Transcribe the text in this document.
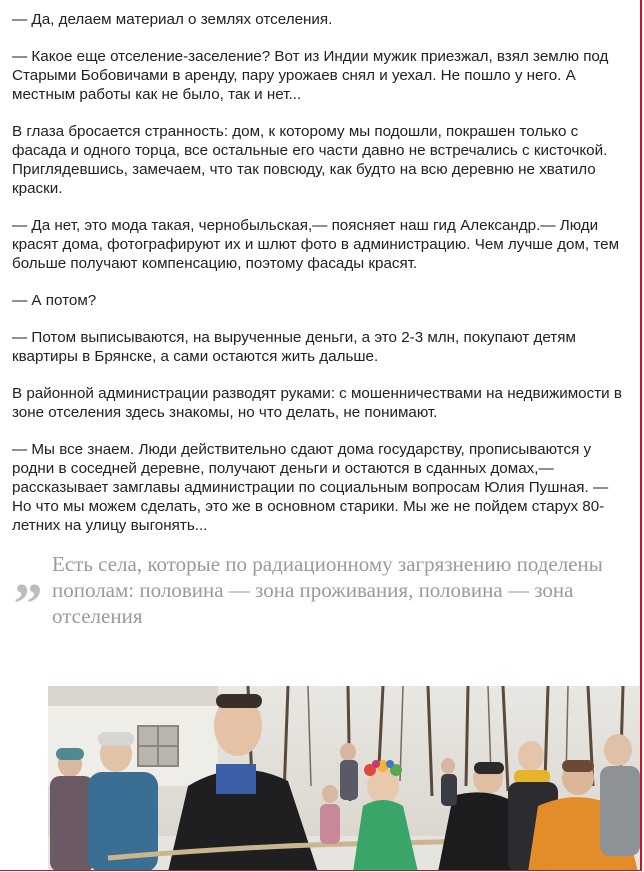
— Да, делаем материал о землях отселения.

— Какое еще отселение-заселение? Вот из Индии мужик приезжал, взял землю под Старыми Бобовичами в аренду, пару урожаев снял и уехал. Не пошло у него. А местным работы как не было, так и нет...

В глаза бросается странность: дом, к которому мы подошли, покрашен только с фасада и одного торца, все остальные его части давно не встречались с кисточкой. Приглядевшись, замечаем, что так повсюду, как будто на всю деревню не хватило краски.

— Да нет, это мода такая, чернобыльская,— поясняет наш гид Александр.— Люди красят дома, фотографируют их и шлют фото в администрацию. Чем лучше дом, тем больше получают компенсацию, поэтому фасады красят.

— А потом?

— Потом выписываются, на вырученные деньги, а это 2-3 млн, покупают детям квартиры в Брянске, а сами остаются жить дальше.

В районной администрации разводят руками: с мошенничествами на недвижимости в зоне отселения здесь знакомы, но что делать, не понимают.

— Мы все знаем. Люди действительно сдают дома государству, прописываются у родни в соседней деревне, получают деньги и остаются в сданных домах,— рассказывает замглавы администрации по социальным вопросам Юлия Пушная. — Но что мы можем сделать, это же в основном старики. Мы же не пойдем старух 80-летних на улицу выгонять...

„ Есть села, которые по радиационному загрязнению поделены пополам: половина — зона проживания, половина — зона отселения
